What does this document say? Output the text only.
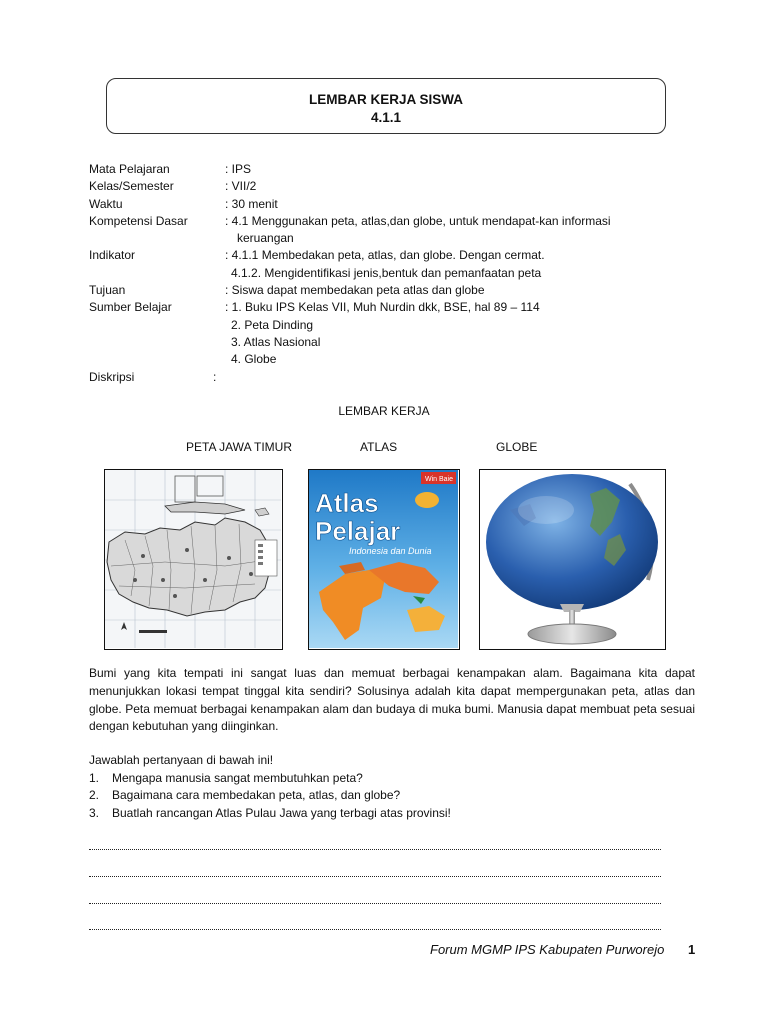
LEMBAR KERJA SISWA
4.1.1
Mata Pelajaran	: IPS
Kelas/Semester	: VII/2
Waktu	: 30 menit
Kompetensi Dasar	: 4.1 Menggunakan peta, atlas,dan globe, untuk mendapat-kan informasi
keruangan
Indikator	: 4.1.1 Membedakan peta, atlas, dan globe. Dengan cermat.
4.1.2. Mengidentifikasi jenis,bentuk dan pemanfaatan peta
Tujuan	: Siswa dapat membedakan peta atlas dan globe
Sumber Belajar	: 1. Buku IPS Kelas VII, Muh Nurdin dkk, BSE, hal 89 – 114
2. Peta Dinding
3. Atlas Nasional
4. Globe
Diskripsi	:
LEMBAR KERJA
PETA JAWA TIMUR	ATLAS	GLOBE
Atlas
Pelajar
Indonesia dan Dunia
Win Baie
Bumi yang kita tempati ini sangat luas dan memuat berbagai kenampakan alam. Bagaimana kita dapat menunjukkan lokasi tempat tinggal kita sendiri? Solusinya adalah kita dapat mempergunakan peta, atlas dan globe. Peta memuat berbagai kenampakan alam dan budaya di muka bumi. Manusia dapat membuat peta sesuai dengan kebutuhan yang diinginkan.
Jawablah pertanyaan di bawah ini!
1. Mengapa manusia sangat membutuhkan peta?
2. Bagaimana cara membedakan peta, atlas, dan globe?
3. Buatlah rancangan Atlas Pulau Jawa yang terbagi atas provinsi!
Forum MGMP IPS Kabupaten Purworejo 1
